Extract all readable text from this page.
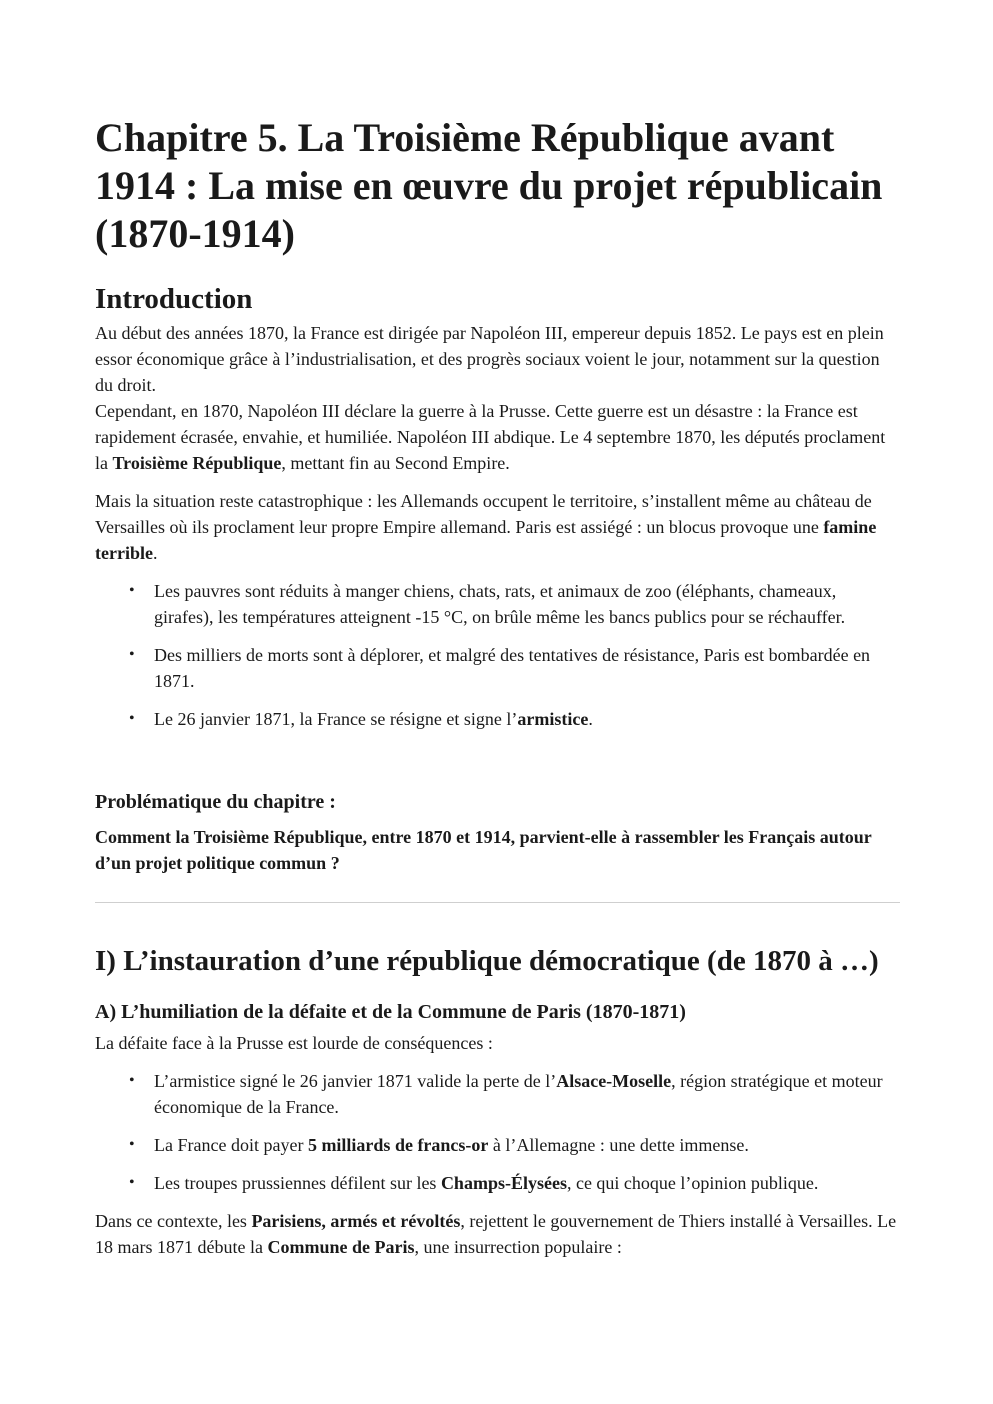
Chapitre 5. La Troisième République avant 1914 : La mise en œuvre du projet républicain (1870-1914)
Introduction

Au début des années 1870, la France est dirigée par Napoléon III, empereur depuis 1852. Le pays est en plein essor économique grâce à l’industrialisation, et des progrès sociaux voient le jour, notamment sur la question du droit.

Cependant, en 1870, Napoléon III déclare la guerre à la Prusse. Cette guerre est un désastre : la France est rapidement écrasée, envahie, et humiliée. Napoléon III abdique. Le 4 septembre 1870, les députés proclament la Troisième République, mettant fin au Second Empire.

Mais la situation reste catastrophique : les Allemands occupent le territoire, s’installent même au château de Versailles où ils proclament leur propre Empire allemand. Paris est assiégé : un blocus provoque une famine terrible.

• Les pauvres sont réduits à manger chiens, chats, rats, et animaux de zoo (éléphants, chameaux, girafes), les températures atteignent -15 °C, on brûle même les bancs publics pour se réchauffer.
• Des milliers de morts sont à déplorer, et malgré des tentatives de résistance, Paris est bombardée en 1871.
• Le 26 janvier 1871, la France se résigne et signe l’armistice.
Problématique du chapitre :
Comment la Troisième République, entre 1870 et 1914, parvient-elle à rassembler les Français autour d’un projet politique commun ?
I) L’instauration d’une république démocratique (de 1870 à …)
A) L’humiliation de la défaite et de la Commune de Paris (1870-1871)

La défaite face à la Prusse est lourde de conséquences :

• L’armistice signé le 26 janvier 1871 valide la perte de l’Alsace-Moselle, région stratégique et moteur économique de la France.
• La France doit payer 5 milliards de francs-or à l’Allemagne : une dette immense.
• Les troupes prussiennes défilent sur les Champs-Élysées, ce qui choque l’opinion publique.

Dans ce contexte, les Parisiens, armés et révoltés, rejettent le gouvernement de Thiers installé à Versailles. Le 18 mars 1871 débute la Commune de Paris, une insurrection populaire :
